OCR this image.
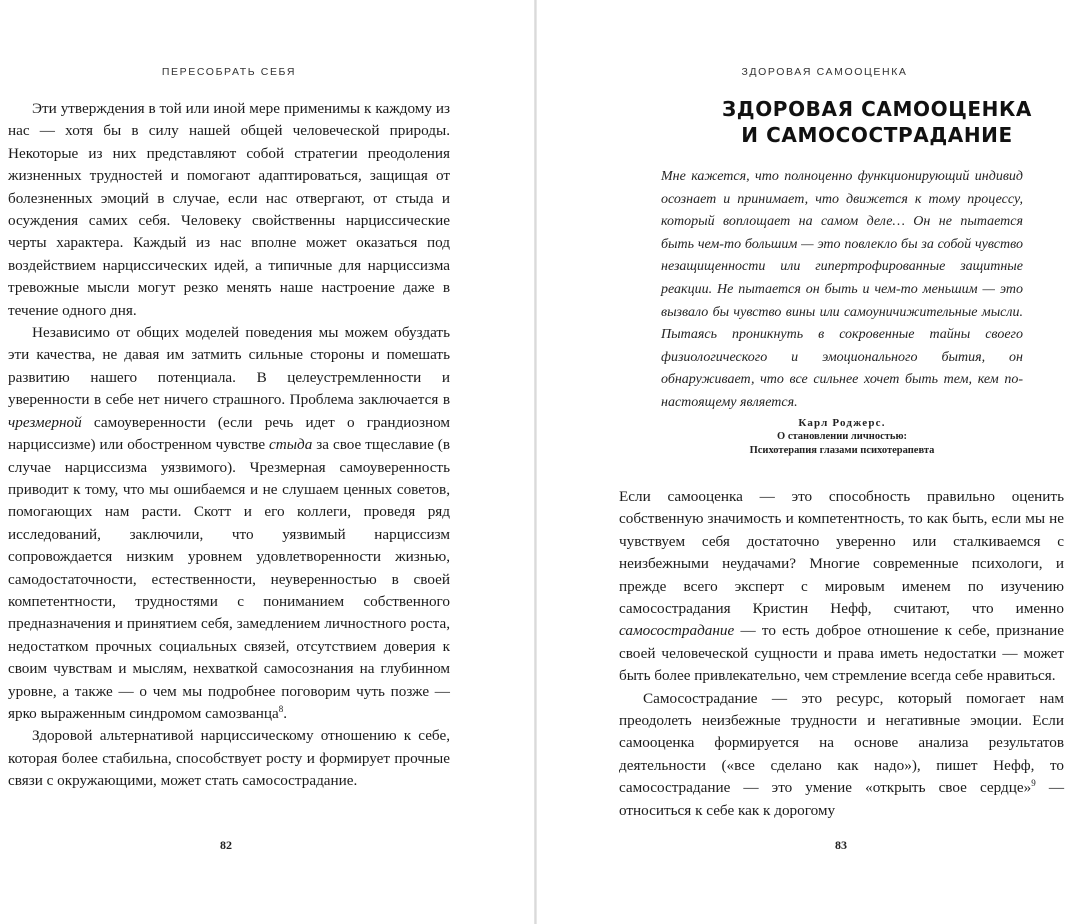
ПЕРЕСОБРАТЬ СЕБЯ

Эти утверждения в той или иной мере применимы к каждому из нас — хотя бы в силу нашей общей человеческой природы. Некоторые из них представляют собой стратегии преодоления жизненных трудностей и помогают адаптироваться, защищая от болезненных эмоций в случае, если нас отвергают, от стыда и осуждения самих себя. Человеку свойственны нарциссические черты характера. Каждый из нас вполне может оказаться под воздействием нарциссических идей, а типичные для нарциссизма тревожные мысли могут резко менять наше настроение даже в течение одного дня.

Независимо от общих моделей поведения мы можем обуздать эти качества, не давая им затмить сильные стороны и помешать развитию нашего потенциала. В целеустремленности и уверенности в себе нет ничего страшного. Проблема заключается в чрезмерной самоуверенности (если речь идет о грандиозном нарциссизме) или обостренном чувстве стыда за свое тщеславие (в случае нарциссизма уязвимого). Чрезмерная самоуверенность приводит к тому, что мы ошибаемся и не слушаем ценных советов, помогающих нам расти. Скотт и его коллеги, проведя ряд исследований, заключили, что уязвимый нарциссизм сопровождается низким уровнем удовлетворенности жизнью, самодостаточности, естественности, неуверенностью в своей компетентности, трудностями с пониманием собственного предназначения и принятием себя, замедлением личностного роста, недостатком прочных социальных связей, отсутствием доверия к своим чувствам и мыслям, нехваткой самосознания на глубинном уровне, а также — о чем мы подробнее поговорим чуть позже — ярко выраженным синдромом самозванца$^8$.

Здоровой альтернативой нарциссическому отношению к себе, которая более стабильна, способствует росту и формирует прочные связи с окружающими, может стать самосострадание.

82
ЗДОРОВАЯ САМООЦЕНКА
ЗДОРОВАЯ САМООЦЕНКА
И САМОСОСТРАДАНИЕ
Мне кажется, что полноценно функционирующий индивид осознает и принимает, что движется к тому процессу, который воплощает на самом деле… Он не пытается быть чем-то большим — это повлекло бы за собой чувство незащищенности или гипертрофированные защитные реакции. Не пытается он быть и чем-то меньшим — это вызвало бы чувство вины или самоуничижительные мысли. Пытаясь проникнуть в сокровенные тайны своего физиологического и эмоционального бытия, он обнаруживает, что все сильнее хочет быть тем, кем по-настоящему является.
Карл Роджерс.
О становлении личностью:
Психотерапия глазами психотерапевта

Если самооценка — это способность правильно оценить собственную значимость и компетентность, то как быть, если мы не чувствуем себя достаточно уверенно или сталкиваемся с неизбежными неудачами? Многие современные психологи, и прежде всего эксперт с мировым именем по изучению самосострадания Кристин Нефф, считают, что именно самосострадание — то есть доброе отношение к себе, признание своей человеческой сущности и права иметь недостатки — может быть более привлекательно, чем стремление всегда себе нравиться.

Самосострадание — это ресурс, который помогает нам преодолеть неизбежные трудности и негативные эмоции. Если самооценка формируется на основе анализа результатов деятельности («все сделано как надо»), пишет Нефф, то самосострадание — это умение «открыть свое сердце»$^9$ — относиться к себе как к дорогому

83
